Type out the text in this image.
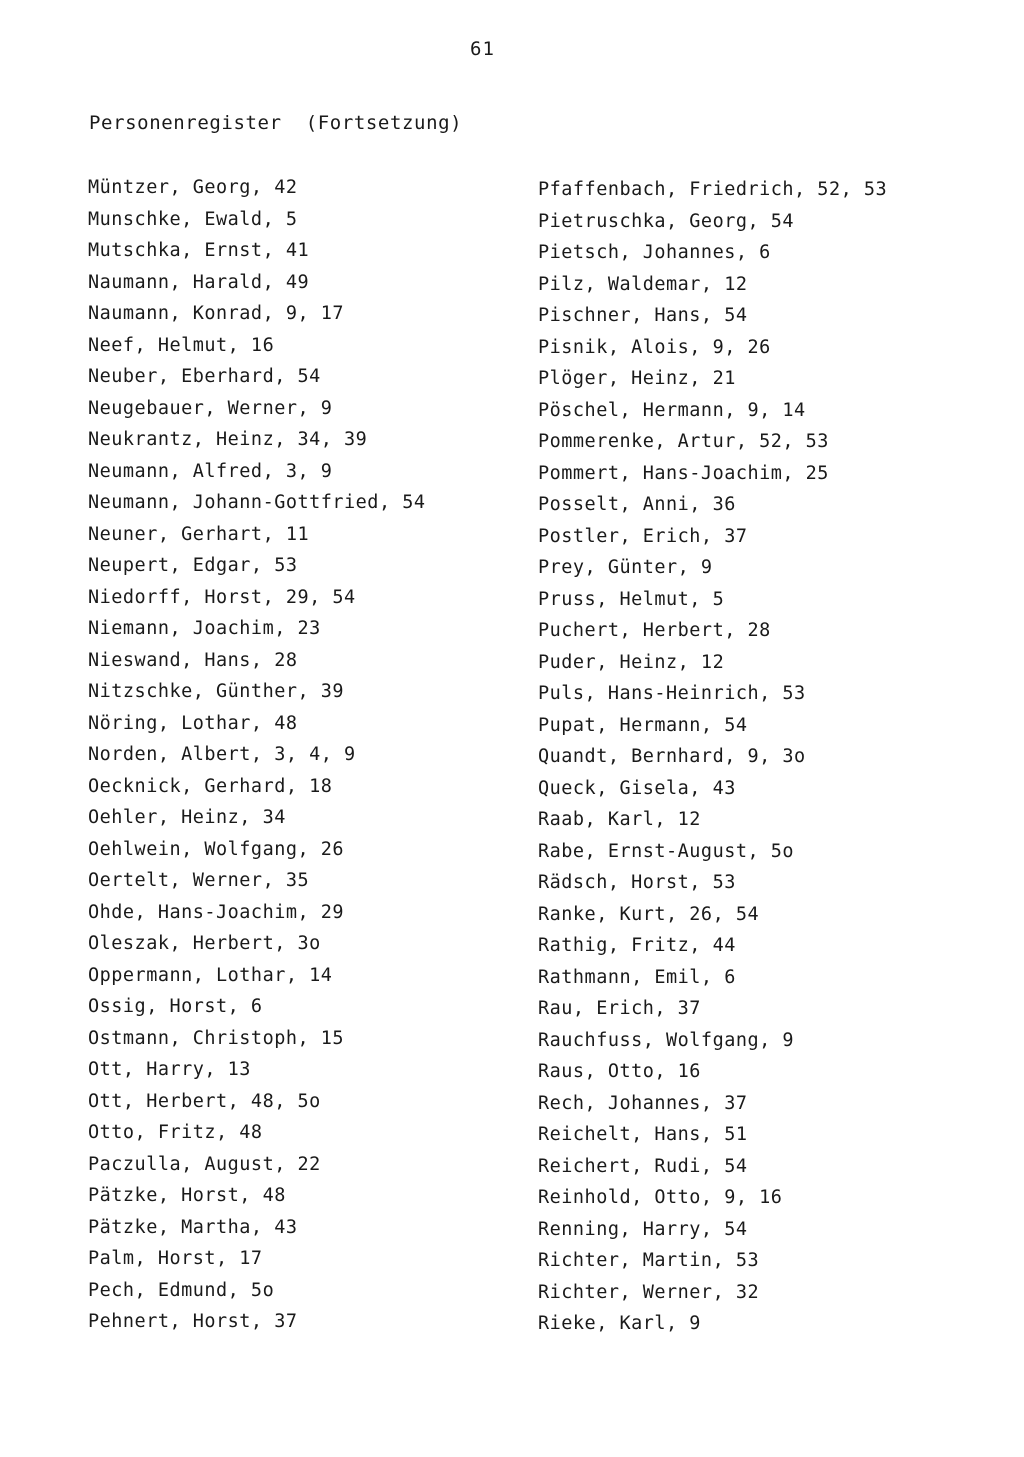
61
Personenregister  (Fortsetzung)
Müntzer, Georg, 42
Munschke, Ewald, 5
Mutschka, Ernst, 41
Naumann, Harald, 49
Naumann, Konrad, 9, 17
Neef, Helmut, 16
Neuber, Eberhard, 54
Neugebauer, Werner, 9
Neukrantz, Heinz, 34, 39
Neumann, Alfred, 3, 9
Neumann, Johann-Gottfried, 54
Neuner, Gerhart, 11
Neupert, Edgar, 53
Niedorff, Horst, 29, 54
Niemann, Joachim, 23
Nieswand, Hans, 28
Nitzschke, Günther, 39
Nöring, Lothar, 48
Norden, Albert, 3, 4, 9
Oecknick, Gerhard, 18
Oehler, Heinz, 34
Oehlwein, Wolfgang, 26
Oertelt, Werner, 35
Ohde, Hans-Joachim, 29
Oleszak, Herbert, 3o
Oppermann, Lothar, 14
Ossig, Horst, 6
Ostmann, Christoph, 15
Ott, Harry, 13
Ott, Herbert, 48, 5o
Otto, Fritz, 48
Paczulla, August, 22
Pätzke, Horst, 48
Pätzke, Martha, 43
Palm, Horst, 17
Pech, Edmund, 5o
Pehnert, Horst, 37
Pfaffenbach, Friedrich, 52, 53
Pietruschka, Georg, 54
Pietsch, Johannes, 6
Pilz, Waldemar, 12
Pischner, Hans, 54
Pisnik, Alois, 9, 26
Plöger, Heinz, 21
Pöschel, Hermann, 9, 14
Pommerenke, Artur, 52, 53
Pommert, Hans-Joachim, 25
Posselt, Anni, 36
Postler, Erich, 37
Prey, Günter, 9
Pruss, Helmut, 5
Puchert, Herbert, 28
Puder, Heinz, 12
Puls, Hans-Heinrich, 53
Pupat, Hermann, 54
Quandt, Bernhard, 9, 3o
Queck, Gisela, 43
Raab, Karl, 12
Rabe, Ernst-August, 5o
Rädsch, Horst, 53
Ranke, Kurt, 26, 54
Rathig, Fritz, 44
Rathmann, Emil, 6
Rau, Erich, 37
Rauchfuss, Wolfgang, 9
Raus, Otto, 16
Rech, Johannes, 37
Reichelt, Hans, 51
Reichert, Rudi, 54
Reinhold, Otto, 9, 16
Renning, Harry, 54
Richter, Martin, 53
Richter, Werner, 32
Rieke, Karl, 9
